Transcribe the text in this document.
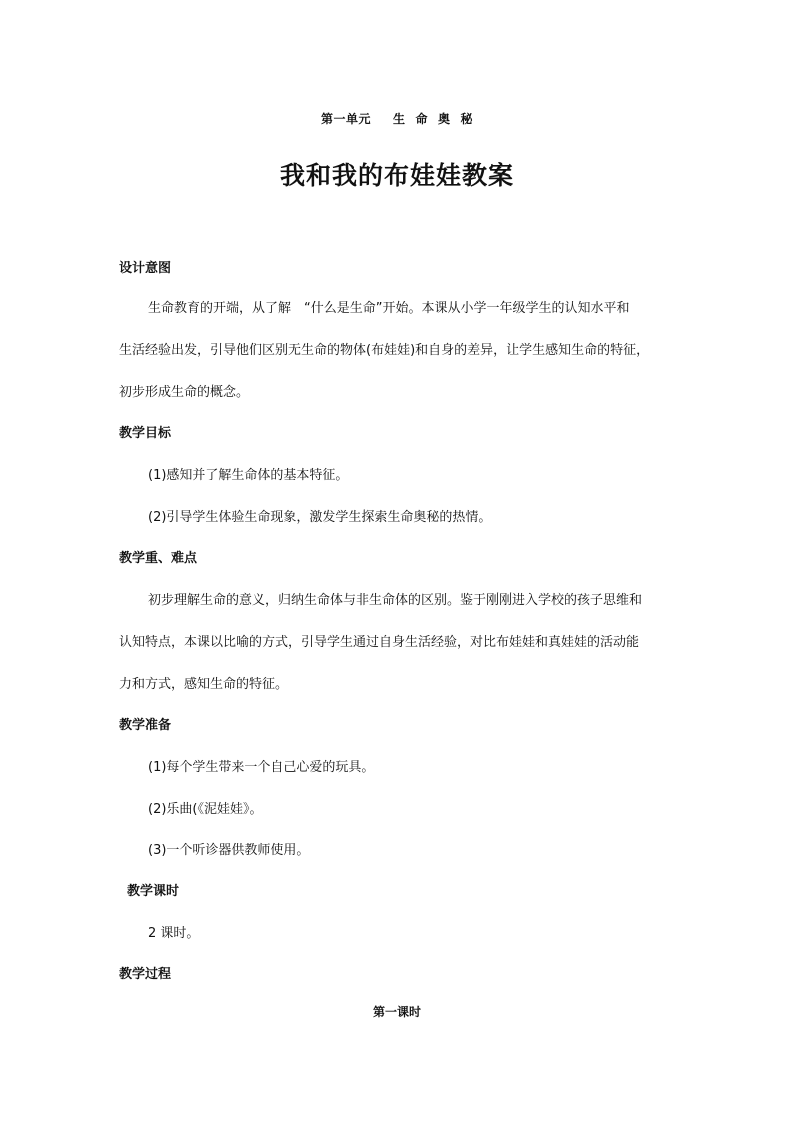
第一单元 生 命 奥 秘
我和我的布娃娃教案
设计意图
生命教育的开端，从了解　“什么是生命”开始。本课从小学一年级学生的认知水平和
生活经验出发，引导他们区别无生命的物体(布娃娃)和自身的差异，让学生感知生命的特征，
初步形成生命的概念。
教学目标
(1)感知并了解生命体的基本特征。
(2)引导学生体验生命现象，激发学生探索生命奥秘的热情。
教学重、难点
初步理解生命的意义，归纳生命体与非生命体的区别。鉴于刚刚进入学校的孩子思维和
认知特点，本课以比喻的方式，引导学生通过自身生活经验，对比布娃娃和真娃娃的活动能
力和方式，感知生命的特征。
教学准备
(1)每个学生带来一个自己心爱的玩具。
(2)乐曲(《泥娃娃》。
(3)一个听诊器供教师使用。
教学课时
2 课时。
教学过程
第一课时
